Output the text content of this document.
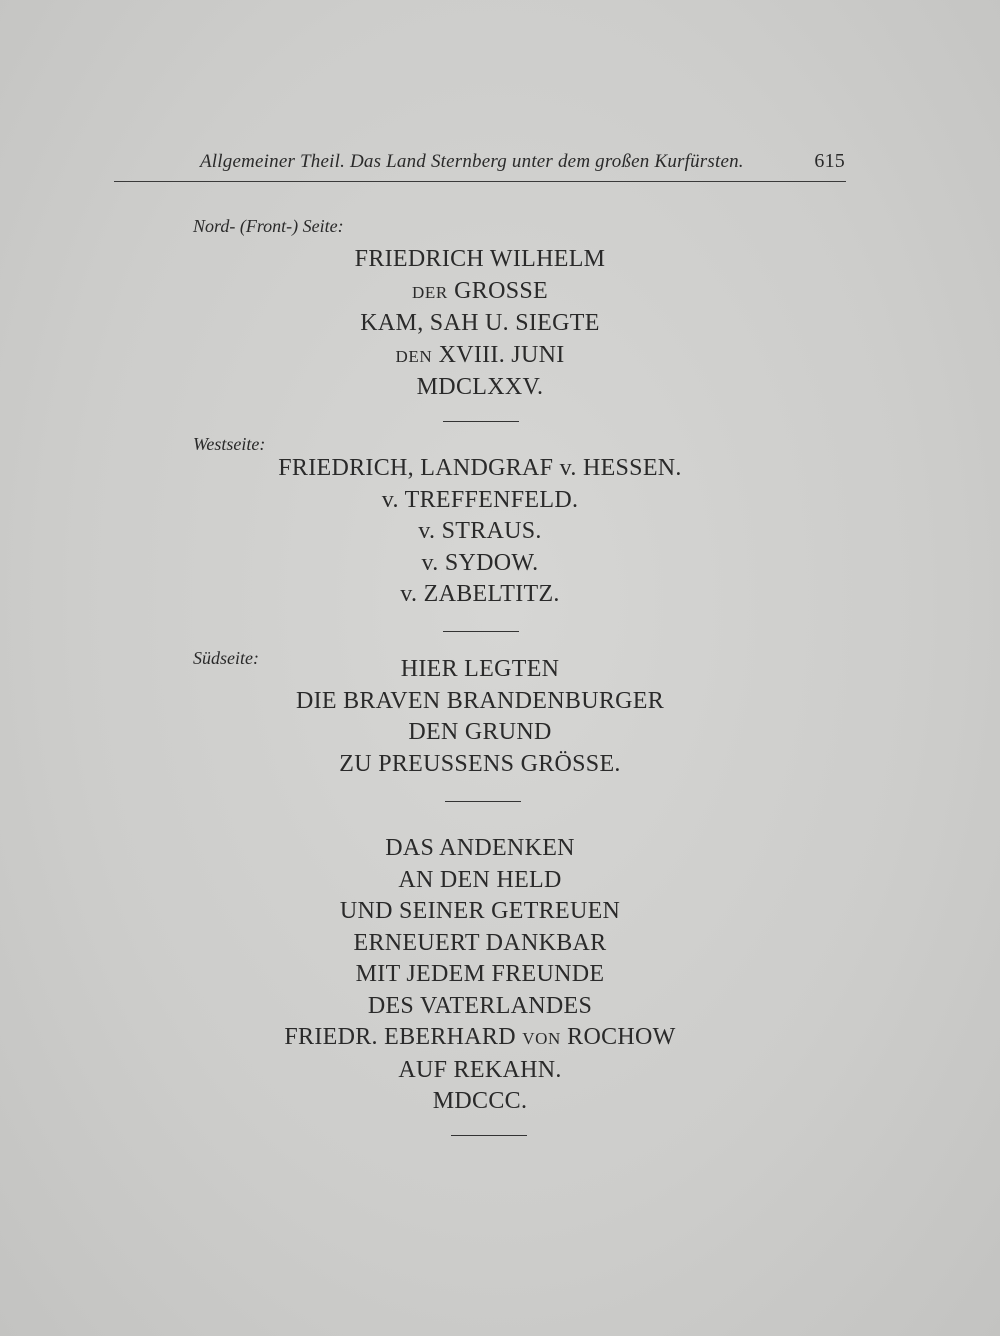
Allgemeiner Theil. Das Land Sternberg unter dem großen Kurfürsten.	615
Nord- (Front-) Seite:
FRIEDRICH WILHELM
DER GROSSE
KAM, SAH U. SIEGTE
DEN XVIII. JUNI
MDCLXXV.
Westseite:
FRIEDRICH, LANDGRAF v. HESSEN.
v. TREFFENFELD.
v. STRAUS.
v. SYDOW.
v. ZABELTITZ.
Südseite:	HIER LEGTEN
DIE BRAVEN BRANDENBURGER
DEN GRUND
ZU PREUSSENS GRÖSSE.
DAS ANDENKEN
AN DEN HELD
UND SEINER GETREUEN
ERNEUERT DANKBAR
MIT JEDEM FREUNDE
DES VATERLANDES
FRIEDR. EBERHARD VON ROCHOW
AUF REKAHN.
MDCCC.
